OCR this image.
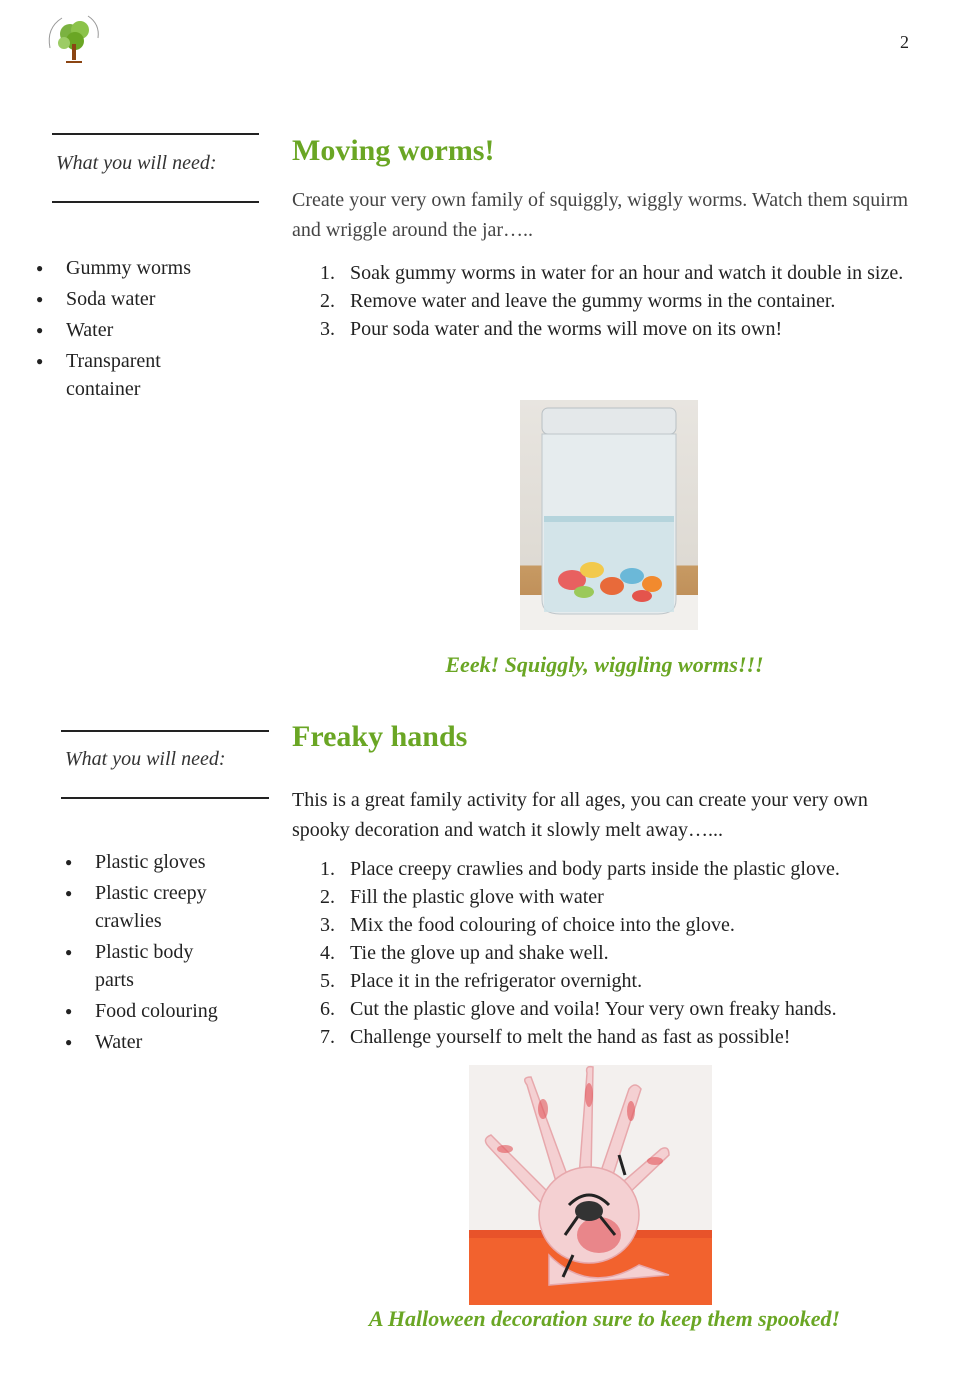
2
What you will need:
● Gummy worms
● Soda water
● Water
● Transparent container
Moving worms!
Create your very own family of squiggly, wiggly worms. Watch them squirm and wriggle around the jar…..
1. Soak gummy worms in water for an hour and watch it double in size.
2. Remove water and leave the gummy worms in the container.
3. Pour soda water and the worms will move on its own!
Eeek! Squiggly, wiggling worms!!!
What you will need:
● Plastic gloves
● Plastic creepy crawlies
● Plastic body parts
● Food colouring
● Water
Freaky hands
This is a great family activity for all ages, you can create your very own spooky decoration and watch it slowly melt away…...
1. Place creepy crawlies and body parts inside the plastic glove.
2. Fill the plastic glove with water
3. Mix the food colouring of choice into the glove.
4. Tie the glove up and shake well.
5. Place it in the refrigerator overnight.
6. Cut the plastic glove and voila! Your very own freaky hands.
7. Challenge yourself to melt the hand as fast as possible!
A Halloween decoration sure to keep them spooked!
